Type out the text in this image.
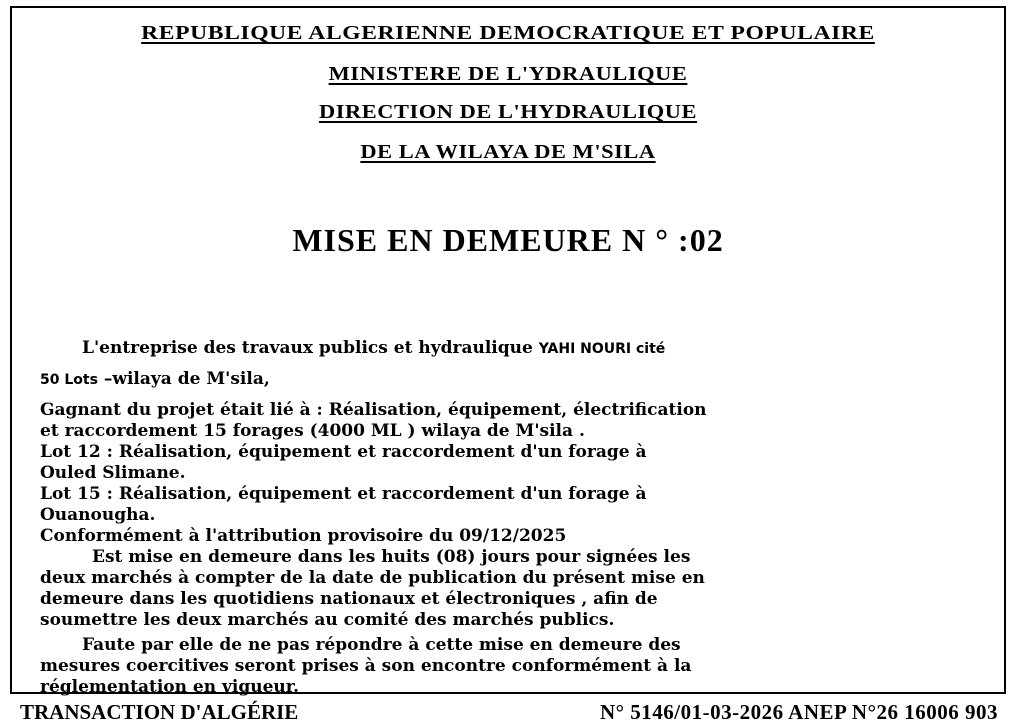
REPUBLIQUE ALGERIENNE DEMOCRATIQUE ET POPULAIRE
MINISTERE DE L'YDRAULIQUE
DIRECTION DE L'HYDRAULIQUE
DE LA WILAYA DE M'SILA
MISE EN DEMEURE N ° :02
L'entreprise des travaux publics et hydraulique YAHI NOURI cité
50 Lots –wilaya de M'sila,
Gagnant du projet était lié à : Réalisation, équipement, électrification
et raccordement 15 forages (4000 ML ) wilaya de M'sila .
Lot 12 : Réalisation, équipement et raccordement d'un forage à
Ouled Slimane.
Lot 15 : Réalisation, équipement et raccordement d'un forage à
Ouanougha.
Conformément à l'attribution provisoire du 09/12/2025
Est mise en demeure dans les huits (08) jours pour signées les
deux marchés à compter de la date de publication du présent mise en
demeure dans les quotidiens nationaux et électroniques , afin de
soumettre les deux marchés au comité des marchés publics.
Faute par elle de ne pas répondre à cette mise en demeure des
mesures coercitives seront prises à son encontre conformément à la
réglementation en vigueur.
TRANSACTION D'ALGÉRIE	N° 5146/01-03-2026 ANEP N°26 16006 903
